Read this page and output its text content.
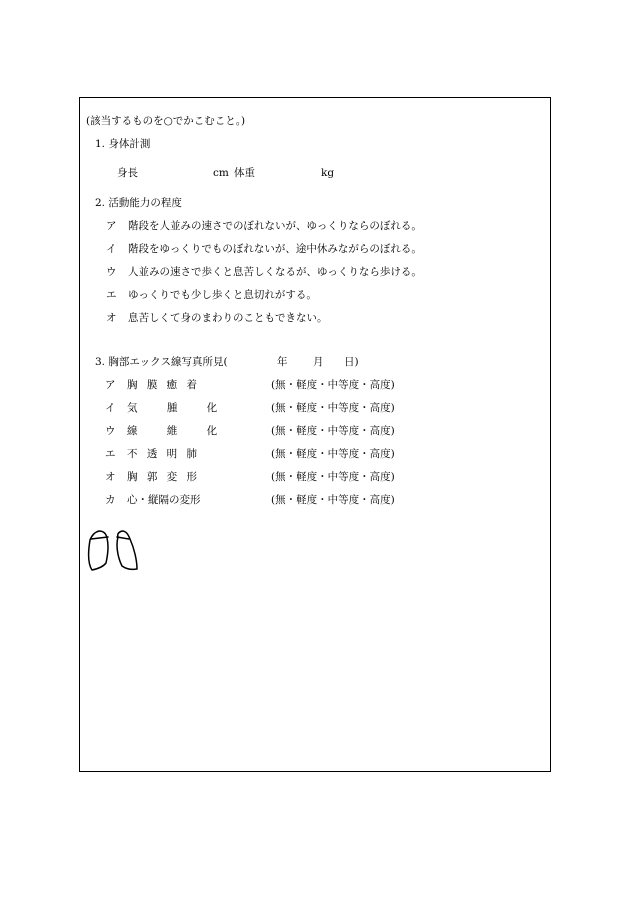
(該当するものを○でかこむこと。)
1. 身体計測
身長	cm 体重	kg
2. 活動能力の程度
ア 階段を人並みの速さでのぼれないが、ゆっくりならのぼれる。
イ 階段をゆっくりでものぼれないが、途中休みながらのぼれる。
ウ 人並みの速さで歩くと息苦しくなるが、ゆっくりなら歩ける。
エ ゆっくりでも少し歩くと息切れがする。
オ 息苦しくて身のまわりのこともできない。
3. 胸部エックス線写真所見(	年 月 日)
ア 胸 膜 癒 着	(無・軽度・中等度・高度)
イ 気 腫 化	(無・軽度・中等度・高度)
ウ 線 維 化	(無・軽度・中等度・高度)
エ 不 透 明 肺	(無・軽度・中等度・高度)
オ 胸 郭 変 形	(無・軽度・中等度・高度)
カ 心・縦隔の変形	(無・軽度・中等度・高度)
